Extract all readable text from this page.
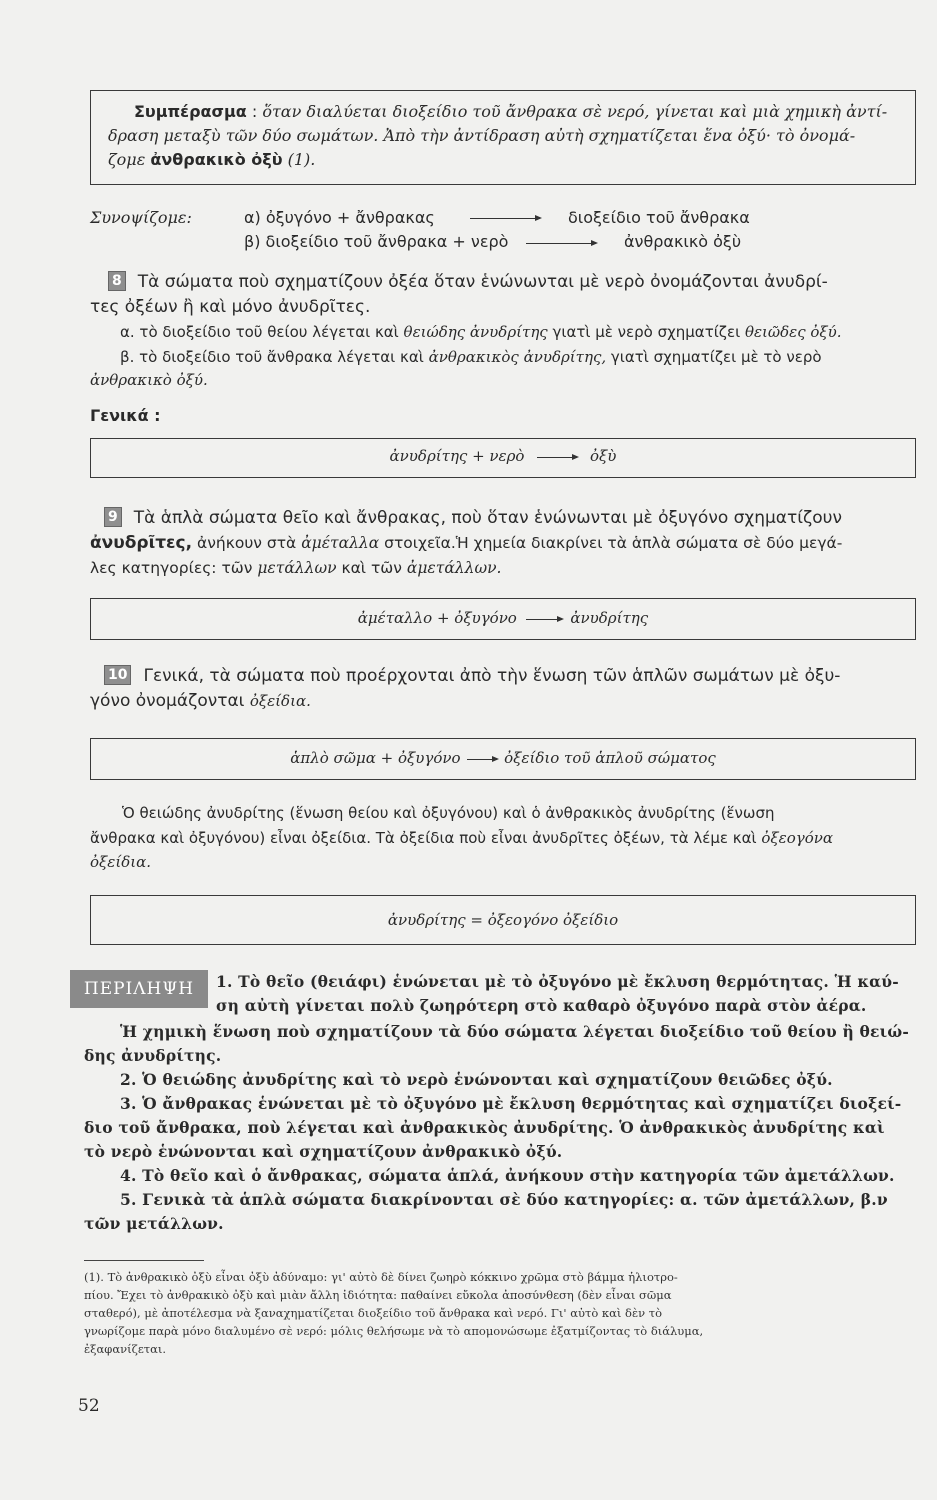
Συμπέρασμα : ὅταν διαλύεται διοξείδιο τοῦ ἄνθρακα σὲ νερό, γίνεται καὶ μιὰ χημικὴ ἀντί-
δραση μεταξὺ τῶν δύο σωμάτων. Ἀπὸ τὴν ἀντίδραση αὐτὴ σχηματίζεται ἕνα ὀξύ· τὸ ὀνομά-
ζομε ἀνθρακικὸ ὀξὺ (1).
Συνοψίζομε:	α) ὀξυγόνο + ἄνθρακας	διοξείδιο τοῦ ἄνθρακα
β) διοξείδιο τοῦ ἄνθρακα + νερὸ	ἀνθρακικὸ ὀξὺ
8 Τὰ σώματα ποὺ σχηματίζουν ὀξέα ὅταν ἑνώνωνται μὲ νερὸ ὀνομάζονται ἀνυδρί-
τες ὀξέων ἢ καὶ μόνο ἀνυδρῖτες.
α. τὸ διοξείδιο τοῦ θείου λέγεται καὶ θειώδης ἀνυδρίτης γιατὶ μὲ νερὸ σχηματίζει θειῶδες ὀξύ.
β. τὸ διοξείδιο τοῦ ἄνθρακα λέγεται καὶ ἀνθρακικὸς ἀνυδρίτης, γιατὶ σχηματίζει μὲ τὸ νερὸ
ἀνθρακικὸ ὀξύ.
Γενικά :
ἀνυδρίτης + νερὸ	ὀξὺ
9 Τὰ ἁπλὰ σώματα θεῖο καὶ ἄνθρακας, ποὺ ὅταν ἑνώνωνται μὲ ὀξυγόνο σχηματίζουν
ἀνυδρῖτες, ἀνήκουν στὰ ἀμέταλλα στοιχεῖα.Ἡ χημεία διακρίνει τὰ ἁπλὰ σώματα σὲ δύο μεγά-
λες κατηγορίες: τῶν μετάλλων καὶ τῶν ἀμετάλλων.
ἀμέταλλο + ὀξυγόνο	ἀνυδρίτης
10 Γενικά, τὰ σώματα ποὺ προέρχονται ἀπὸ τὴν ἕνωση τῶν ἁπλῶν σωμάτων μὲ ὀξυ-
γόνο ὀνομάζονται ὀξείδια.
ἁπλὸ σῶμα + ὀξυγόνο	ὀξείδιο τοῦ ἁπλοῦ σώματος
Ὁ θειώδης ἀνυδρίτης (ἕνωση θείου καὶ ὀξυγόνου) καὶ ὁ ἀνθρακικὸς ἀνυδρίτης (ἕνωση
ἄνθρακα καὶ ὀξυγόνου) εἶναι ὀξείδια. Τὰ ὀξείδια ποὺ εἶναι ἀνυδρῖτες ὀξέων, τὰ λέμε καὶ ὀξεογόνα
ὀξείδια.
ἀνυδρίτης = ὀξεογόνο ὀξείδιο
ΠΕΡΙΛΗΨΗ	1. Τὸ θεῖο (θειάφι) ἑνώνεται μὲ τὸ ὀξυγόνο μὲ ἔκλυση θερμότητας. Ἡ καύ-
ση αὐτὴ γίνεται πολὺ ζωηρότερη στὸ καθαρὸ ὀξυγόνο παρὰ στὸν ἀέρα.
Ἡ χημικὴ ἕνωση ποὺ σχηματίζουν τὰ δύο σώματα λέγεται διοξείδιο τοῦ θείου ἢ θειώ-
δης ἀνυδρίτης.
2. Ὁ θειώδης ἀνυδρίτης καὶ τὸ νερὸ ἑνώνονται καὶ σχηματίζουν θειῶδες ὀξύ.
3. Ὁ ἄνθρακας ἑνώνεται μὲ τὸ ὀξυγόνο μὲ ἔκλυση θερμότητας καὶ σχηματίζει διοξεί-
διο τοῦ ἄνθρακα, ποὺ λέγεται καὶ ἀνθρακικὸς ἀνυδρίτης. Ὁ ἀνθρακικὸς ἀνυδρίτης καὶ
τὸ νερὸ ἑνώνονται καὶ σχηματίζουν ἀνθρακικὸ ὀξύ.
4. Τὸ θεῖο καὶ ὁ ἄνθρακας, σώματα ἁπλά, ἀνήκουν στὴν κατηγορία τῶν ἀμετάλλων.
5. Γενικὰ τὰ ἁπλὰ σώματα διακρίνονται σὲ δύο κατηγορίες: α. τῶν ἀμετάλλων, β.ν
τῶν μετάλλων.
(1). Τὸ ἀνθρακικὸ ὀξὺ εἶναι ὀξὺ ἀδύναμο: γι' αὐτὸ δὲ δίνει ζωηρὸ κόκκινο χρῶμα στὸ βάμμα ἡλιοτρο-
πίου. Ἔχει τὸ ἀνθρακικὸ ὀξὺ καὶ μιὰν ἄλλη ἰδιότητα: παθαίνει εὔκολα ἀποσύνθεση (δὲν εἶναι σῶμα
σταθερό), μὲ ἀποτέλεσμα νὰ ξαναχηματίζεται διοξείδιο τοῦ ἄνθρακα καὶ νερό. Γι' αὐτὸ καὶ δὲν τὸ
γνωρίζομε παρὰ μόνο διαλυμένο σὲ νερό: μόλις θελήσωμε νὰ τὸ απομονώσωμε ἐξατμίζοντας τὸ διάλυμα,
ἐξαφανίζεται.
52
